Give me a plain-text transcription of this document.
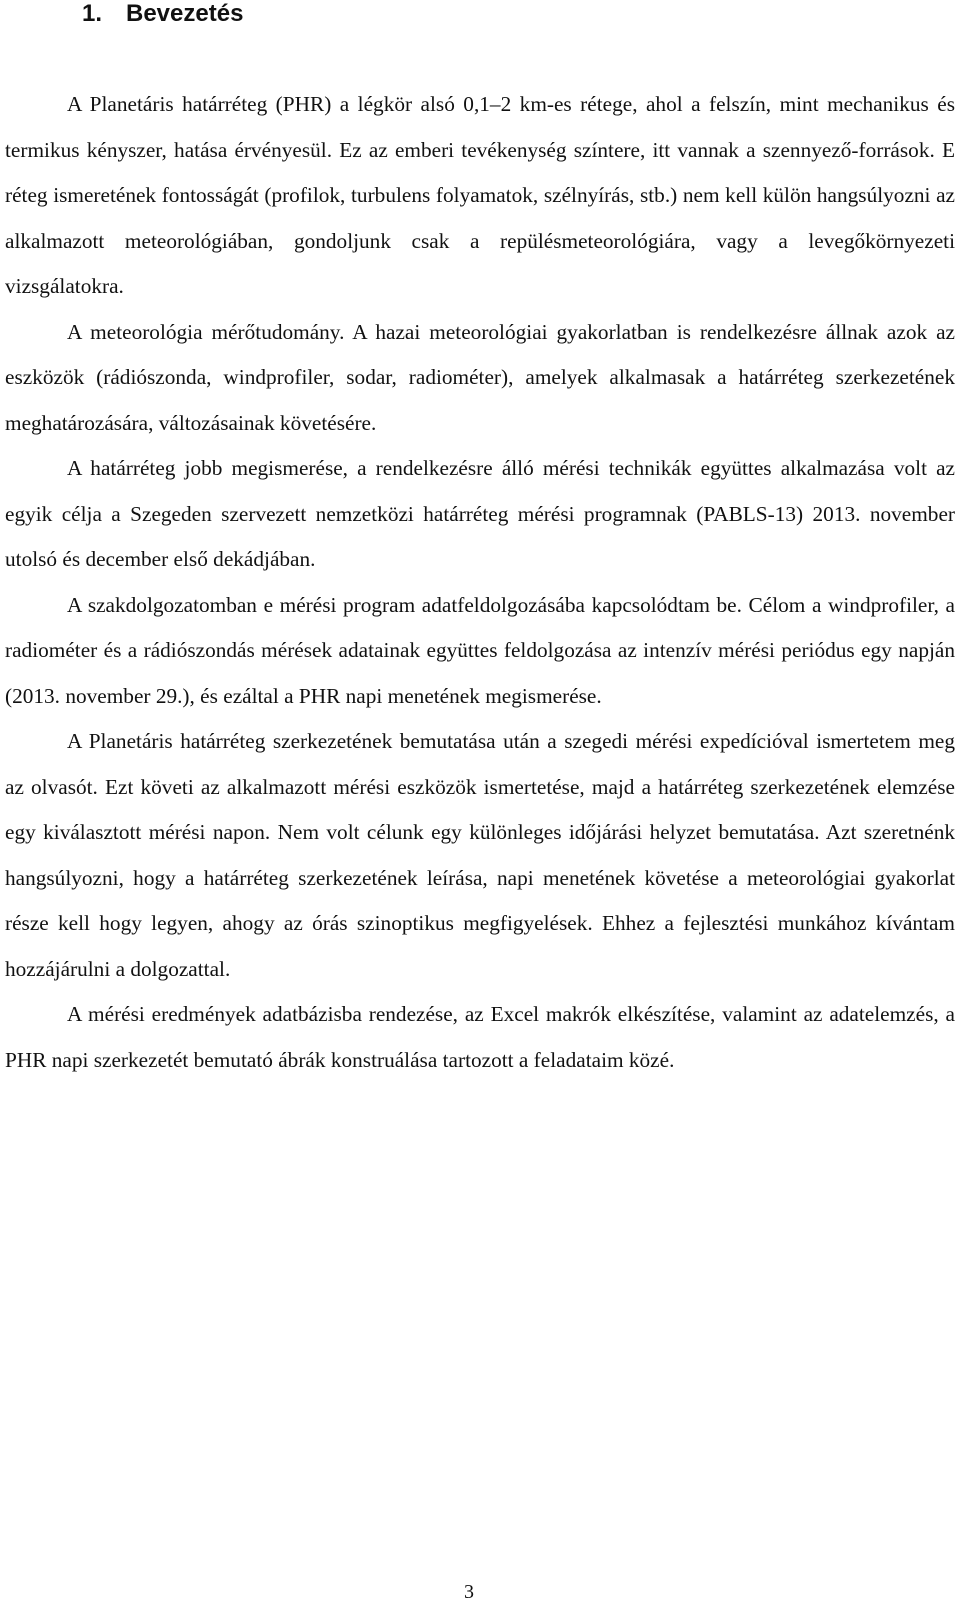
1. Bevezetés

A Planetáris határréteg (PHR) a légkör alsó 0,1–2 km-es rétege, ahol a felszín, mint mechanikus és termikus kényszer, hatása érvényesül. Ez az emberi tevékenység színtere, itt vannak a szennyező-források. E réteg ismeretének fontosságát (profilok, turbulens folyamatok, szélnyírás, stb.) nem kell külön hangsúlyozni az alkalmazott meteorológiában, gondoljunk csak a repülésmeteorológiára, vagy a levegőkörnyezeti vizsgálatokra.

A meteorológia mérőtudomány. A hazai meteorológiai gyakorlatban is rendelkezésre állnak azok az eszközök (rádiószonda, windprofiler, sodar, radiométer), amelyek alkalmasak a határréteg szerkezetének meghatározására, változásainak követésére.

A határréteg jobb megismerése, a rendelkezésre álló mérési technikák együttes alkalmazása volt az egyik célja a Szegeden szervezett nemzetközi határréteg mérési programnak (PABLS-13) 2013. november utolsó és december első dekádjában.

A szakdolgozatomban e mérési program adatfeldolgozásába kapcsolódtam be. Célom a windprofiler, a radiométer és a rádiószondás mérések adatainak együttes feldolgozása az intenzív mérési periódus egy napján (2013. november 29.), és ezáltal a PHR napi menetének megismerése.

A Planetáris határréteg szerkezetének bemutatása után a szegedi mérési expedícióval ismertetem meg az olvasót. Ezt követi az alkalmazott mérési eszközök ismertetése, majd a határréteg szerkezetének elemzése egy kiválasztott mérési napon. Nem volt célunk egy különleges időjárási helyzet bemutatása. Azt szeretnénk hangsúlyozni, hogy a határréteg szerkezetének leírása, napi menetének követése a meteorológiai gyakorlat része kell hogy legyen, ahogy az órás szinoptikus megfigyelések. Ehhez a fejlesztési munkához kívántam hozzájárulni a dolgozattal.

A mérési eredmények adatbázisba rendezése, az Excel makrók elkészítése, valamint az adatelemzés, a PHR napi szerkezetét bemutató ábrák konstruálása tartozott a feladataim közé.

3
